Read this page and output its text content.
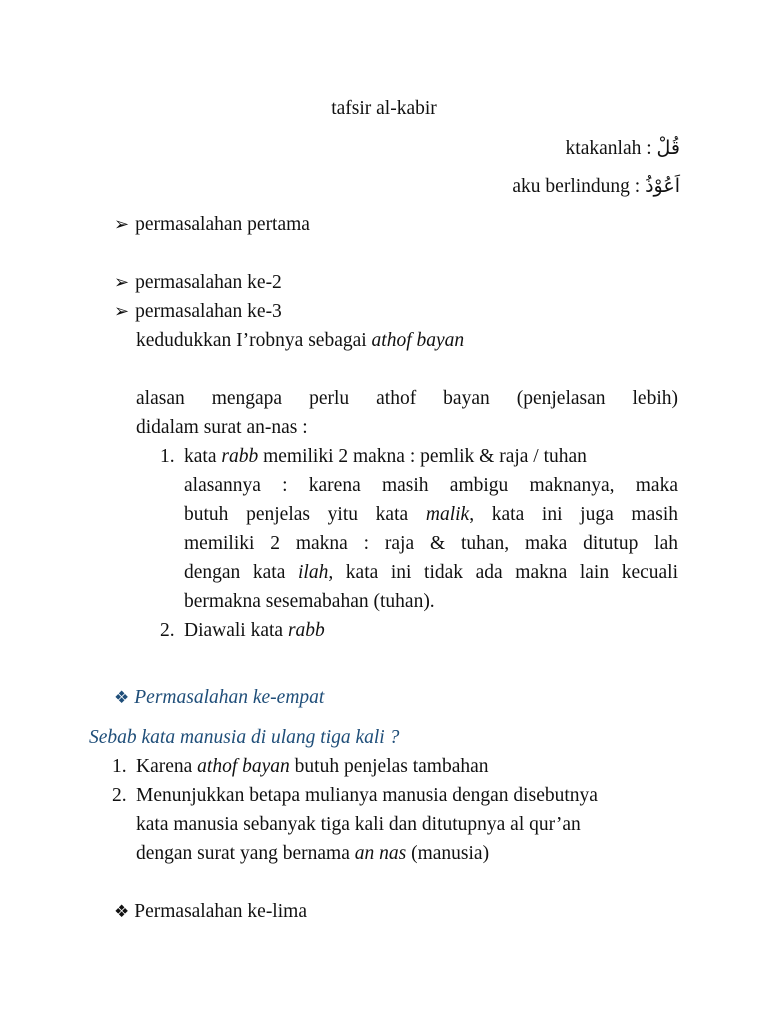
tafsir al-kabir
ktakanlah : قُلْ
aku berlindung : اَعُوْذُ
➢ permasalahan pertama
➢ permasalahan ke-2
➢ permasalahan ke-3
kedudukkan I’robnya sebagai athof bayan
alasan mengapa perlu athof bayan (penjelasan lebih)
didalam surat an-nas :
1. kata rabb memiliki 2 makna : pemlik & raja / tuhan
alasannya : karena masih ambigu maknanya, maka
butuh penjelas yitu kata malik, kata ini juga masih
memiliki 2 makna : raja & tuhan, maka ditutup lah
dengan kata ilah, kata ini tidak ada makna lain kecuali
bermakna sesemabahan (tuhan).
2. Diawali kata rabb
❖ Permasalahan ke-empat
Sebab kata manusia di ulang tiga kali ?
1. Karena athof bayan butuh penjelas tambahan
2. Menunjukkan betapa mulianya manusia dengan disebutnya
kata manusia sebanyak tiga kali dan ditutupnya al qur’an
dengan surat yang bernama an nas (manusia)
❖ Permasalahan ke-lima
